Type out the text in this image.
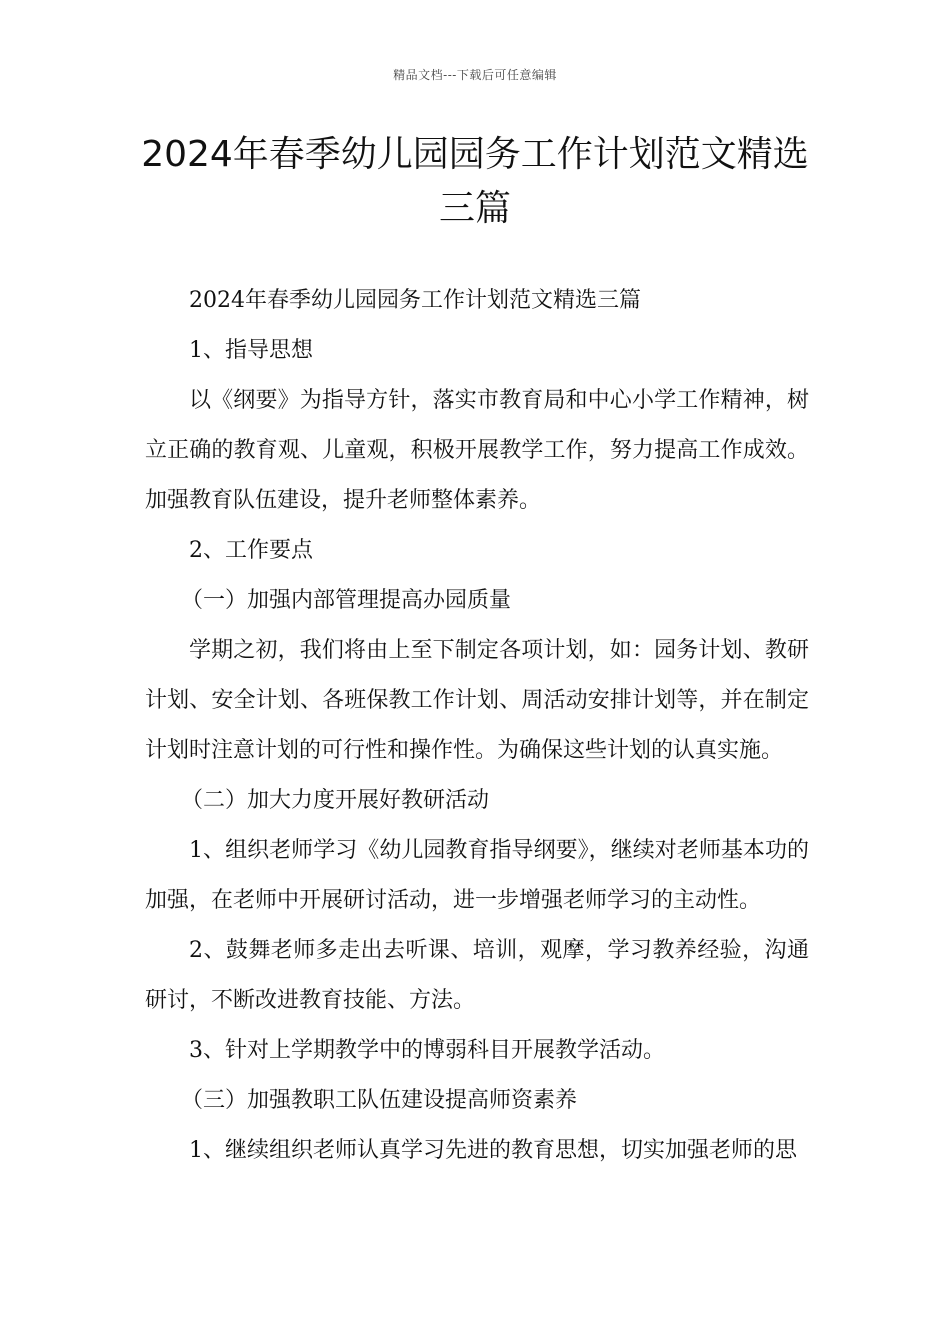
精品文档---下载后可任意编辑
2024年春季幼儿园园务工作计划范文精选三篇

2024年春季幼儿园园务工作计划范文精选三篇

1、指导思想

以《纲要》为指导方针，落实市教育局和中心小学工作精神，树立正确的教育观、儿童观，积极开展教学工作，努力提高工作成效。加强教育队伍建设，提升老师整体素养。

2、工作要点

（一）加强内部管理提高办园质量

学期之初，我们将由上至下制定各项计划，如：园务计划、教研计划、安全计划、各班保教工作计划、周活动安排计划等，并在制定计划时注意计划的可行性和操作性。为确保这些计划的认真实施。

（二）加大力度开展好教研活动

1、组织老师学习《幼儿园教育指导纲要》，继续对老师基本功的加强，在老师中开展研讨活动，进一步增强老师学习的主动性。

2、鼓舞老师多走出去听课、培训，观摩，学习教养经验，沟通研讨，不断改进教育技能、方法。

3、针对上学期教学中的博弱科目开展教学活动。

（三）加强教职工队伍建设提高师资素养

1、继续组织老师认真学习先进的教育思想，切实加强老师的思
